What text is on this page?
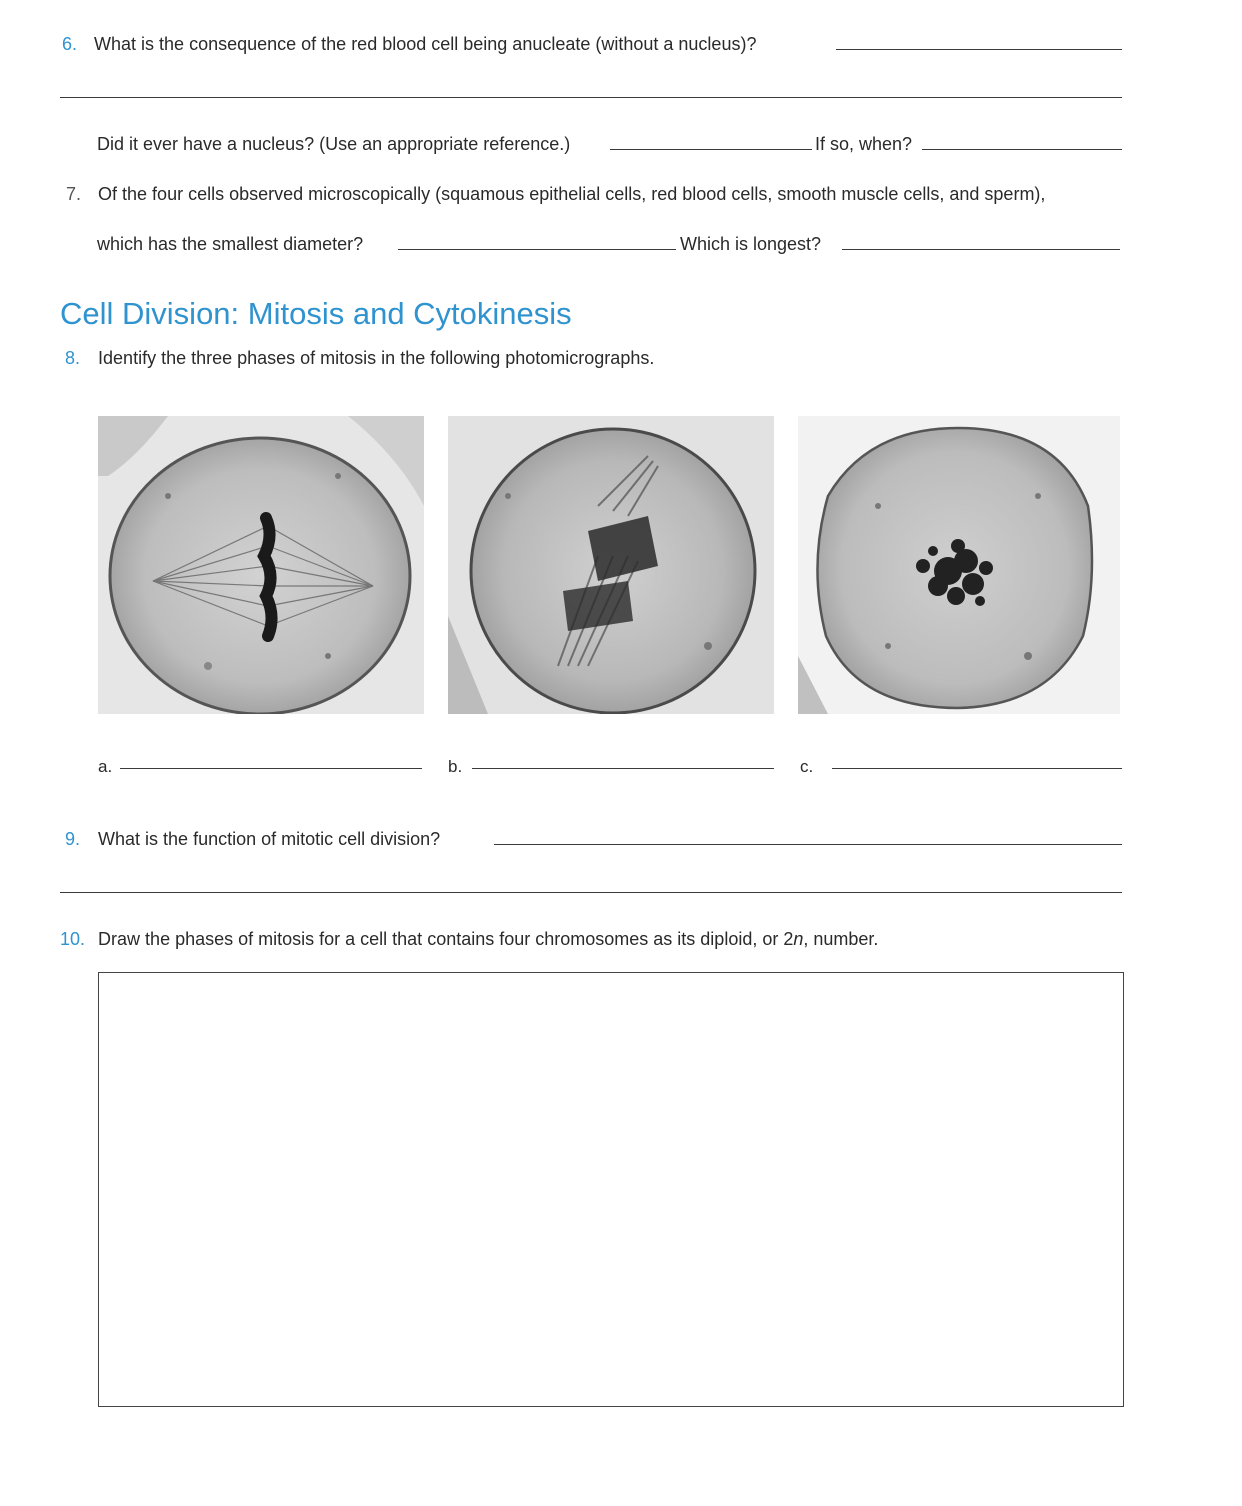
6. What is the consequence of the red blood cell being anucleate (without a nucleus)?
Did it ever have a nucleus? (Use an appropriate reference.)	If so, when?
7. Of the four cells observed microscopically (squamous epithelial cells, red blood cells, smooth muscle cells, and sperm),
which has the smallest diameter?	Which is longest?
Cell Division: Mitosis and Cytokinesis
8. Identify the three phases of mitosis in the following photomicrographs.
a.	b.	c.
9. What is the function of mitotic cell division?
10. Draw the phases of mitosis for a cell that contains four chromosomes as its diploid, or 2n, number.
